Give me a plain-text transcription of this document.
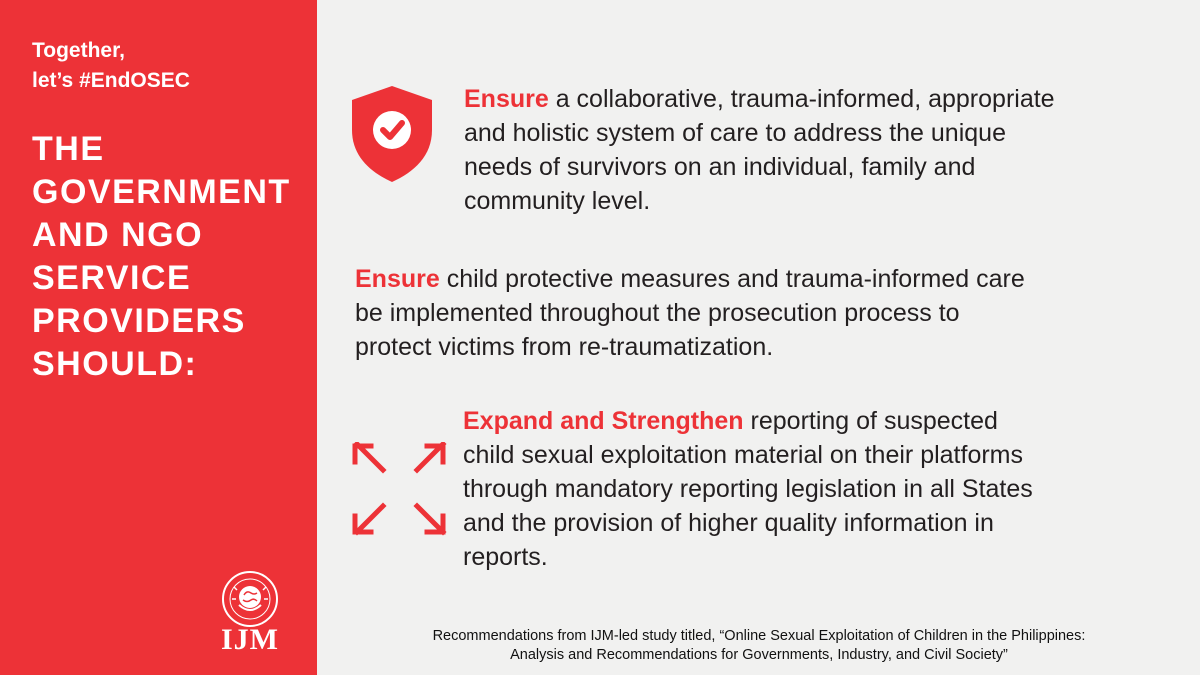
Together,
let’s #EndOSEC
THE
GOVERNMENT
AND NGO
SERVICE
PROVIDERS
SHOULD:
IJM
Ensure a collaborative, trauma-informed, appropriate
and holistic system of care to address the unique
needs of survivors on an individual, family and
community level.
Ensure child protective measures and trauma-informed care
be implemented throughout the prosecution process to
protect victims from re-traumatization.
Expand and Strengthen reporting of suspected
child sexual exploitation material on their platforms
through mandatory reporting legislation in all States
and the provision of higher quality information in
reports.
Recommendations from IJM-led study titled, “Online Sexual Exploitation of Children in the Philippines:
Analysis and Recommendations for Governments, Industry, and Civil Society”
